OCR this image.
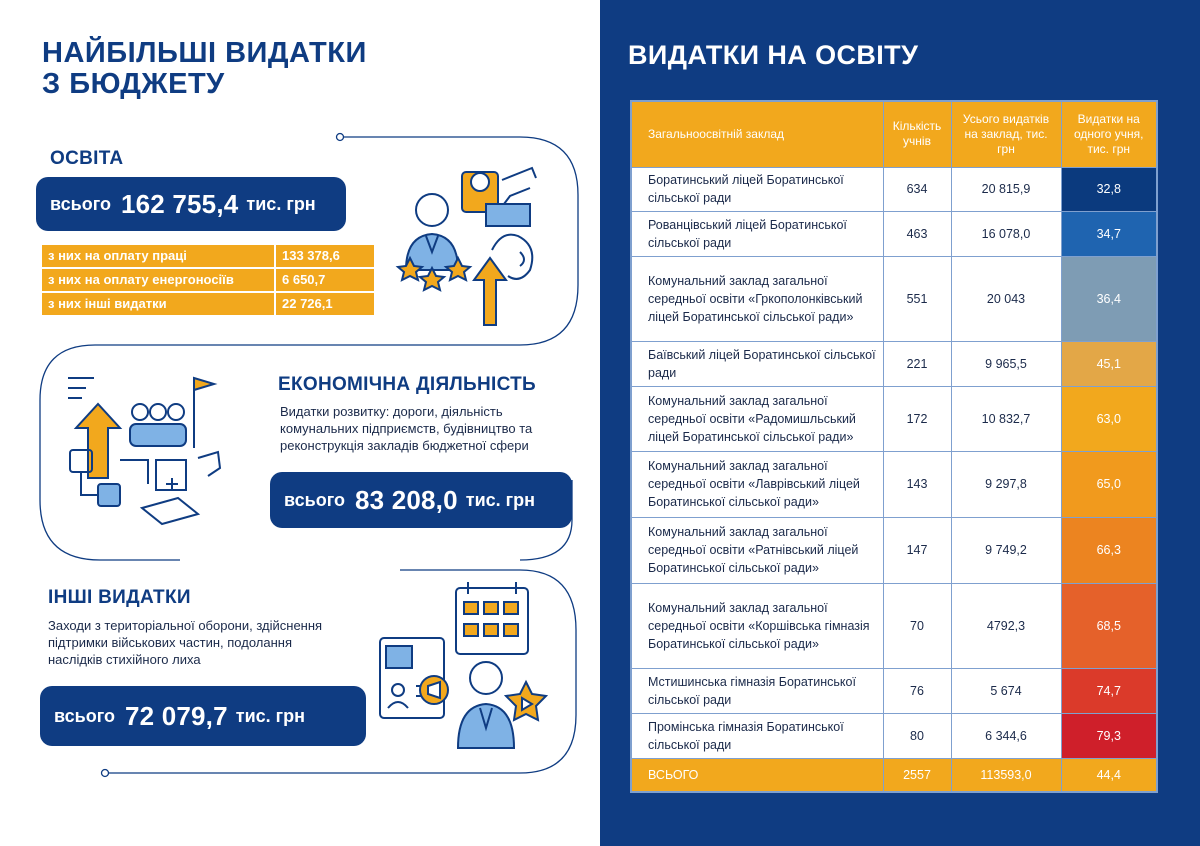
НАЙБІЛЬШІ ВИДАТКИ
З БЮДЖЕТУ
ОСВІТА
всього 162 755,4 тис. грн
з них на оплату праці	133 378,6
з них на оплату енергоносіїв	6 650,7
з них інші видатки	22 726,1
ЕКОНОМІЧНА ДІЯЛЬНІСТЬ
Видатки розвитку: дороги, діяльність
комунальних підприємств, будівництво та
реконструкція закладів бюджетної сфери
всього 83 208,0 тис. грн
ІНШІ ВИДАТКИ
Заходи з територіальної оборони, здійснення
підтримки військових частин, подолання
наслідків стихійного лиха
всього 72 079,7 тис. грн
ВИДАТКИ НА ОСВІТУ
Загальноосвітній заклад	Кількість учнів	Усього видатків на заклад, тис. грн	Видатки на одного учня, тис. грн
Боратинський ліцей Боратинської сільської ради	634	20 815,9	32,8
Рованцівський ліцей Боратинської сільської ради	463	16 078,0	34,7
Комунальний заклад загальної середньої освіти «Гркополонківський ліцей Боратинської сільської ради»	551	20 043	36,4
Баївський ліцей Боратинської сільської ради	221	9 965,5	45,1
Комунальний заклад загальної середньої освіти «Радомишльський ліцей Боратинської сільської ради»	172	10 832,7	63,0
Комунальний заклад загальної середньої освіти «Лаврівський ліцей Боратинської сільської ради»	143	9 297,8	65,0
Комунальний заклад загальної середньої освіти «Ратнівський ліцей Боратинської сільської ради»	147	9 749,2	66,3
Комунальний заклад загальної середньої освіти «Коршівська гімназія Боратинської сільської ради»	70	4792,3	68,5
Мстишинська гімназія Боратинської сільської ради	76	5 674	74,7
Промінська гімназія Боратинської сільської ради	80	6 344,6	79,3
ВСЬОГО	2557	113593,0	44,4
